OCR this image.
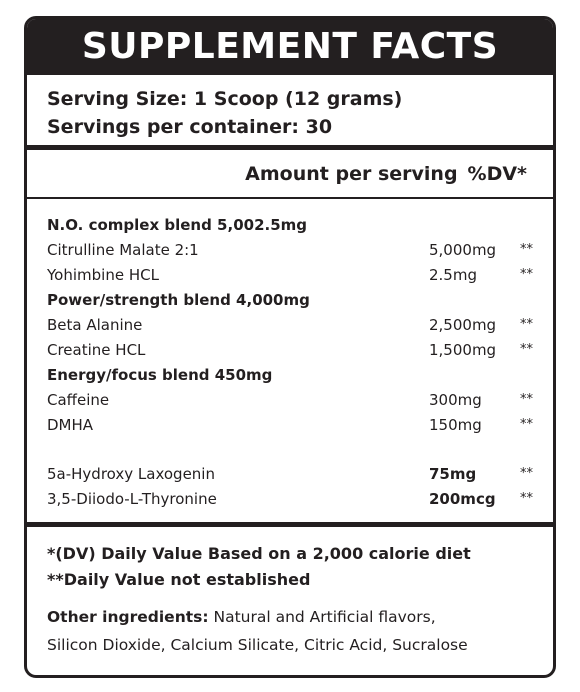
SUPPLEMENT FACTS
Serving Size: 1 Scoop (12 grams)
Servings per container: 30
Amount per serving %DV*
N.O. complex blend 5,002.5mg
Citrulline Malate 2:1	5,000mg **
Yohimbine HCL	2.5mg	**
Power/strength blend 4,000mg
Beta Alanine	2,500mg **
Creatine HCL	1,500mg **
Energy/focus blend 450mg
Caffeine	300mg	**
DMHA	150mg	**
5a-Hydroxy Laxogenin	75mg	**
3,5-Diiodo-L-Thyronine	200mcg **
*(DV) Daily Value Based on a 2,000 calorie diet
**Daily Value not established
Other ingredients: Natural and Artificial flavors,
Silicon Dioxide, Calcium Silicate, Citric Acid, Sucralose
